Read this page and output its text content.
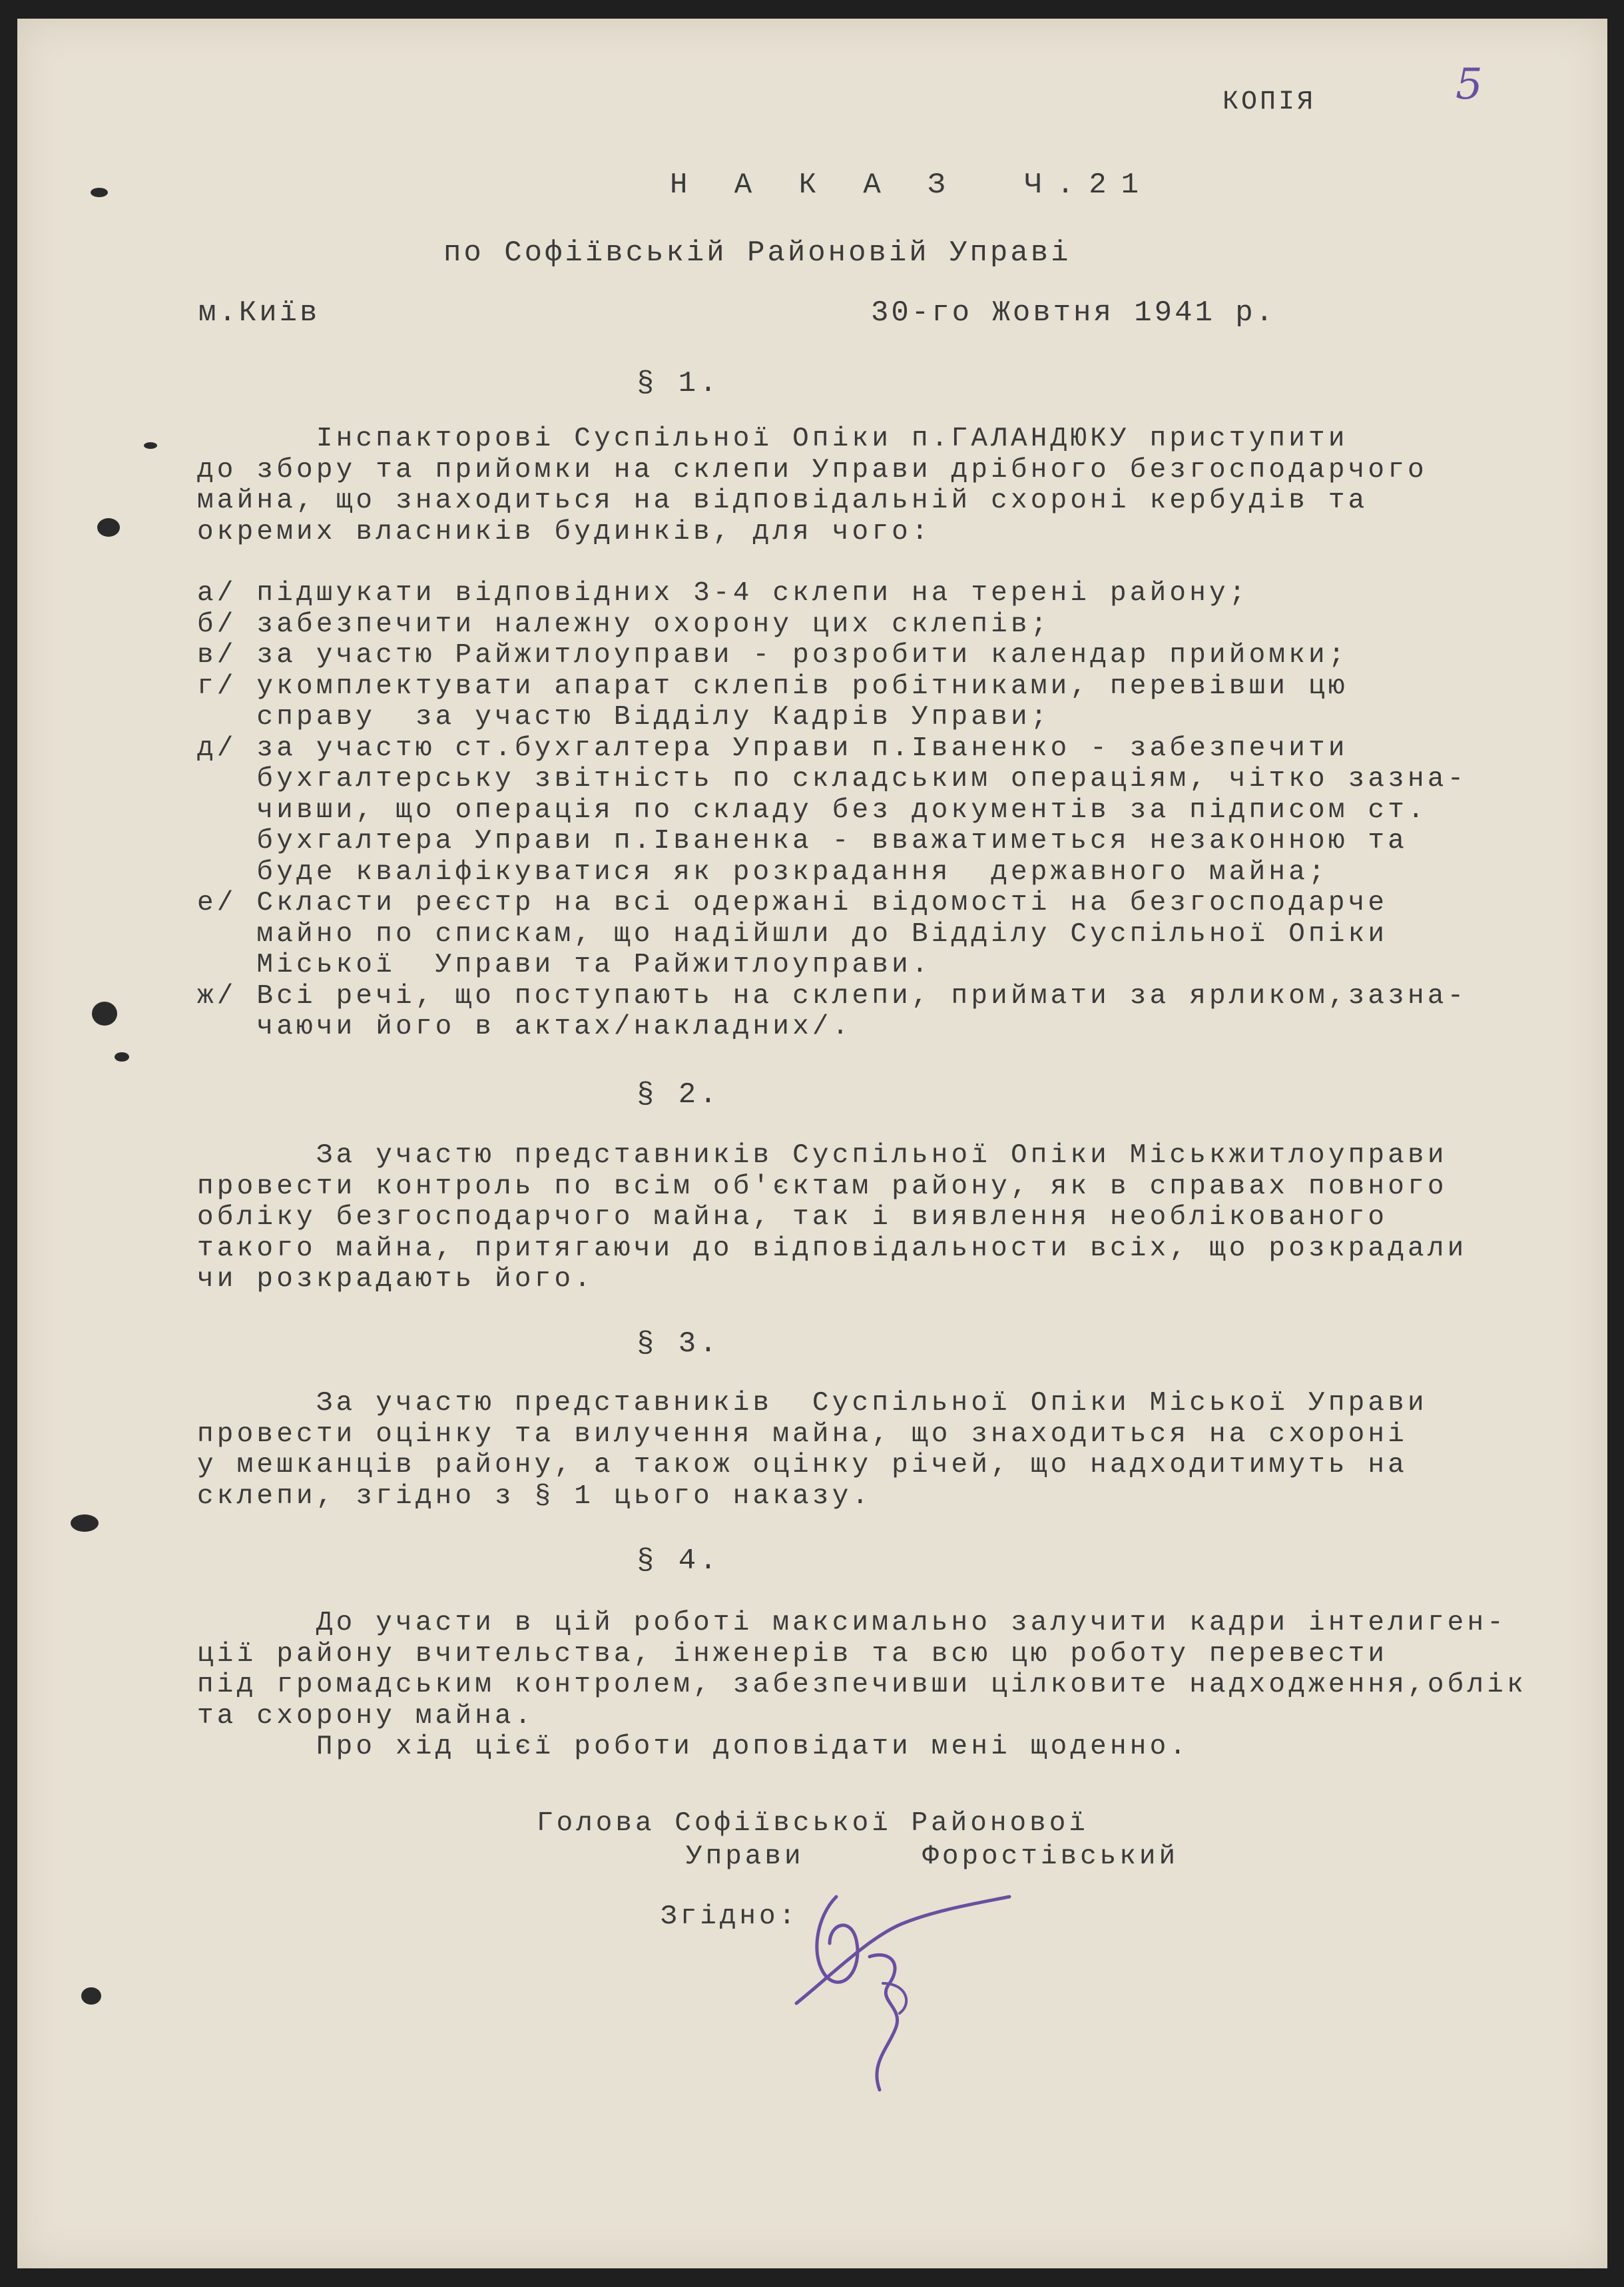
КОПІЯ	5
Н А К А З  Ч.21
по Софіївській Районовій Управі
м.Київ	30-го Жовтня 1941 р.
§ 1.
Інспакторові Суспільної Опіки п.ГАЛАНДЮКУ приступити
до збору та прийомки на склепи Управи дрібного безгосподарчого
майна, що знаходиться на відповідальній схороні кербудів та
окремих власників будинків, для чого:
а/ підшукати відповідних 3-4 склепи на терені району;
б/ забезпечити належну охорону цих склепів;
в/ за участю Райжитлоуправи - розробити календар прийомки;
г/ укомплектувати апарат склепів робітниками, перевівши цю
справу  за участю Відділу Кадрів Управи;
д/ за участю ст.бухгалтера Управи п.Іваненко - забезпечити
бухгалтерську звітність по складським операціям, чітко зазна-
чивши, що операція по складу без документів за підписом ст.
бухгалтера Управи п.Іваненка - вважатиметься незаконною та
буде кваліфікуватися як розкрадання  державного майна;
е/ Скласти реєстр на всі одержані відомості на безгосподарче
майно по спискам, що надійшли до Відділу Суспільної Опіки
Міської  Управи та Райжитлоуправи.
ж/ Всі речі, що поступають на склепи, приймати за ярликом,зазна-
чаючи його в актах/накладних/.
§ 2.
За участю представників Суспільної Опіки Міськжитлоуправи
провести контроль по всім об'єктам району, як в справах повного
обліку безгосподарчого майна, так і виявлення необлікованого
такого майна, притягаючи до відповідальности всіх, що розкрадали
чи розкрадають його.
§ 3.
За участю представників  Суспільної Опіки Міської Управи
провести оцінку та вилучення майна, що знаходиться на схороні
у мешканців району, а також оцінку річей, що надходитимуть на
склепи, згідно з § 1 цього наказу.
§ 4.
До участи в цій роботі максимально залучити кадри інтелиген-
ції району вчительства, інженерів та всю цю роботу перевести
під громадським контролем, забезпечивши цілковите надходження,облік
та схорону майна.
Про хід цієї роботи доповідати мені щоденно.
Голова Софіївської Районової
Управи      Форостівський
Згідно:
